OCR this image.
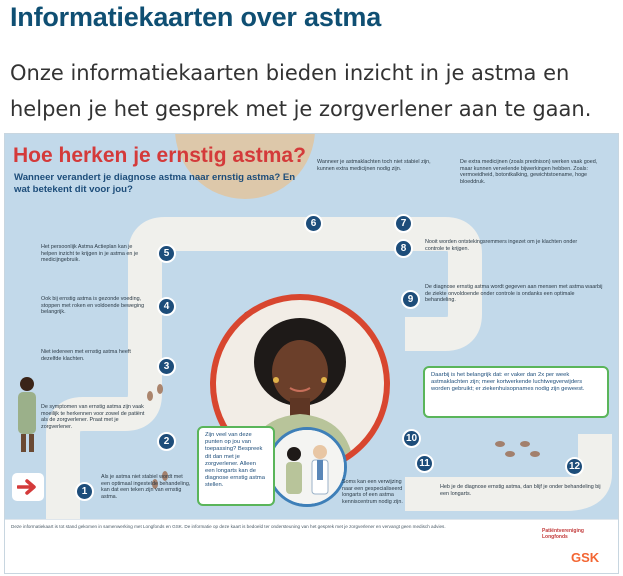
Informatiekaarten over astma

Onze informatiekaarten bieden inzicht in je astma en helpen je het gesprek met je zorgverlener aan te gaan.

Hoe herken je ernstig astma?
Wanneer verandert je diagnose astma naar ernstig astma? En wat betekent dit voor jou?
1
2
3
4
5
6	7
8
9
10
11	12
Als je astma niet stabiel wordt met een optimaal ingestelde behandeling, kan dat een teken zijn van ernstig astma.
De symptomen van ernstig astma zijn vaak moeilijk te herkennen voor zowel de patiënt als de zorgverlener. Praat met je zorgverlener.
Niet iedereen met ernstig astma heeft dezelfde klachten.
Ook bij ernstig astma is gezonde voeding, stoppen met roken en voldoende beweging belangrijk.
Het persoonlijk Astma Actieplan kan je helpen inzicht te krijgen in je astma en je medicijngebruik.
Wanneer je astmaklachten toch niet stabiel zijn, kunnen extra medicijnen nodig zijn.
De extra medicijnen (zoals prednison) werken vaak goed, maar kunnen vervelende bijwerkingen hebben. Zoals: vermoeidheid, botontkalking, gewichtstoename, hoge bloeddruk.
Nooit worden ontstekingsremmers ingezet om je klachten onder controle te krijgen.
De diagnose ernstig astma wordt gegeven aan mensen met astma waarbij de ziekte onvoldoende onder controle is ondanks een optimale behandeling.
Soms kan een verwijzing naar een gespecialiseerd longarts of een astma kenniscentrum nodig zijn.
Heb je de diagnose ernstig astma, dan blijf je onder behandeling bij een longarts.
Zijn veel van deze punten op jou van toepassing? Bespreek dit dan met je zorgverlener. Alleen een longarts kan de diagnose ernstig astma stellen.
Daarbij is het belangrijk dat: er vaker dan 2x per week astmaklachten zijn; meer kortwerkende luchtwegverwijders worden gebruikt; er ziekenhuisopnames nodig zijn geweest.
Deze informatiekaart is tot stand gekomen in samenwerking met Longfonds en GSK. De informatie op deze kaart is bedoeld ter ondersteuning van het gesprek met je zorgverlener en vervangt geen medisch advies.
Patiëntvereniging Longfonds
GSK
